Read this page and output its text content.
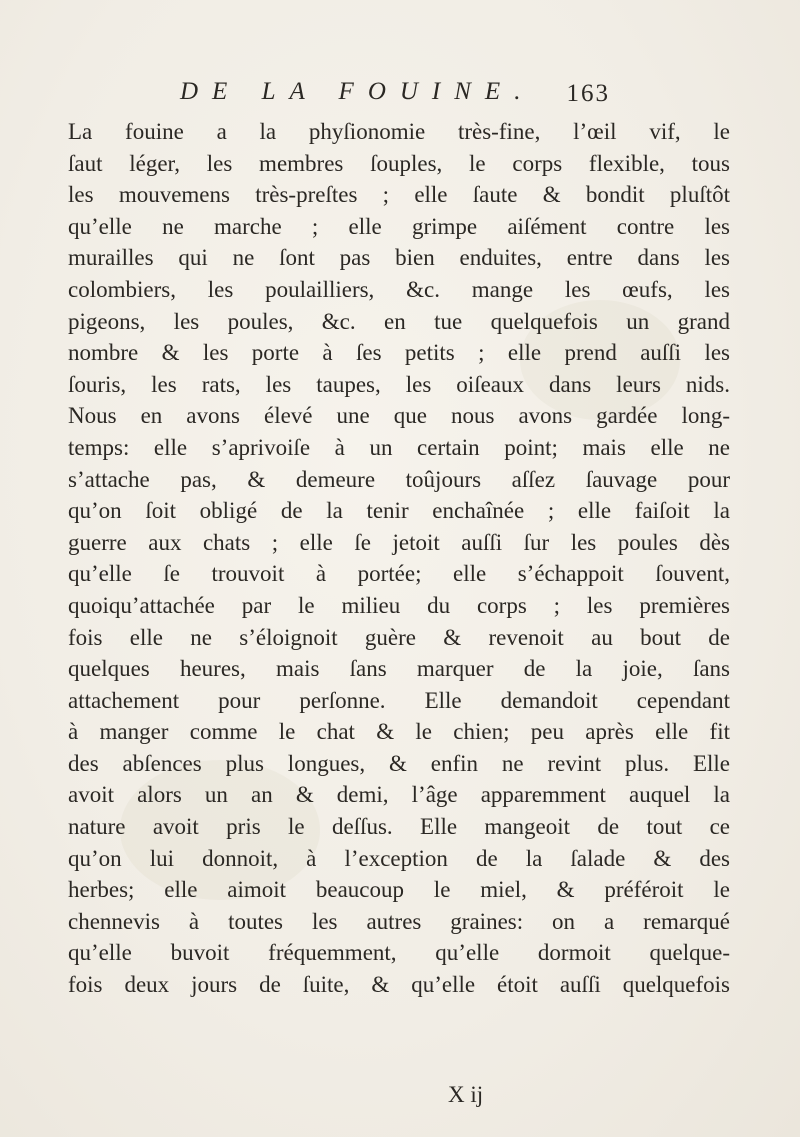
DE LA FOUINE. 163
La fouine a la phyſionomie très-fine, l’œil vif, le
ſaut léger, les membres ſouples, le corps flexible, tous
les mouvemens très-preſtes ; elle ſaute & bondit pluſtôt
qu’elle ne marche ; elle grimpe aiſément contre les
murailles qui ne ſont pas bien enduites, entre dans les
colombiers, les poulailliers, &c. mange les œufs, les
pigeons, les poules, &c. en tue quelquefois un grand
nombre & les porte à ſes petits ; elle prend auſſi les
ſouris, les rats, les taupes, les oiſeaux dans leurs nids.
Nous en avons élevé une que nous avons gardée long-
temps: elle s’aprivoiſe à un certain point; mais elle ne
s’attache pas, & demeure toûjours aſſez ſauvage pour
qu’on ſoit obligé de la tenir enchaînée ; elle faiſoit la
guerre aux chats ; elle ſe jetoit auſſi ſur les poules dès
qu’elle ſe trouvoit à portée; elle s’échappoit ſouvent,
quoiqu’attachée par le milieu du corps ; les premières
fois elle ne s’éloignoit guère & revenoit au bout de
quelques heures, mais ſans marquer de la joie, ſans
attachement pour perſonne. Elle demandoit cependant
à manger comme le chat & le chien; peu après elle fit
des abſences plus longues, & enfin ne revint plus. Elle
avoit alors un an & demi, l’âge apparemment auquel la
nature avoit pris le deſſus. Elle mangeoit de tout ce
qu’on lui donnoit, à l’exception de la ſalade & des
herbes; elle aimoit beaucoup le miel, & préféroit le
chennevis à toutes les autres graines: on a remarqué
qu’elle buvoit fréquemment, qu’elle dormoit quelque-
fois deux jours de ſuite, & qu’elle étoit auſſi quelquefois
X ij
